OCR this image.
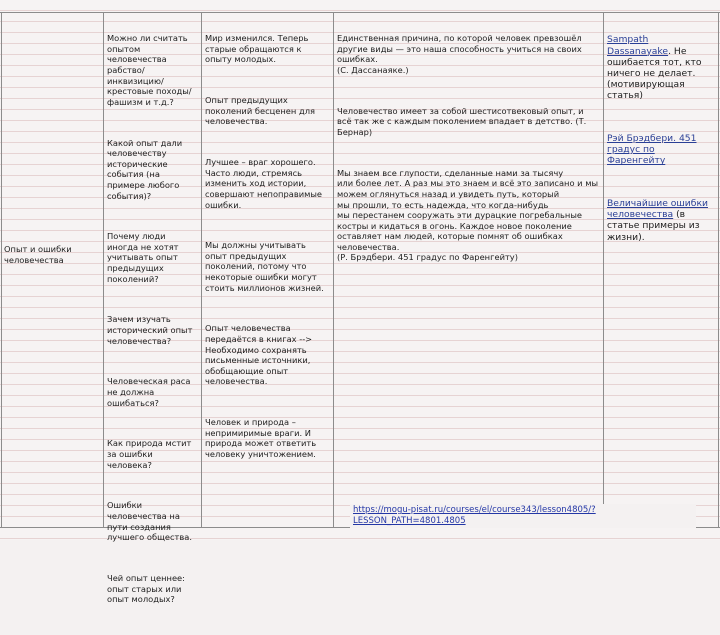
Опыт и ошибки
человечества

Можно ли считать
опытом
человечества
рабство/
инквизицию/
крестовые походы/
фашизм и т.д.?

Какой опыт дали
человечеству
исторические
события (на
примере любого
события)?

Почему люди
иногда не хотят
учитывать опыт
предыдущих
поколений?

Зачем изучать
исторический опыт
человечества?

Человеческая раса
не должна
ошибаться?

Как природа мстит
за ошибки
человека?

Ошибки
человечества на
пути создания
лучшего общества.

Чей опыт ценнее:
опыт старых или
опыт молодых?

Мир изменился. Теперь
старые обращаются к
опыту молодых.

Опыт предыдущих
поколений бесценен для
человечества.

Лучшее – враг хорошего.
Часто люди, стремясь
изменить ход истории,
совершают непоправимые
ошибки.

Мы должны учитывать
опыт предыдущих
поколений, потому что
некоторые ошибки могут
стоить миллионов жизней.

Опыт человечества
передаётся в книгах -->
Необходимо сохранять
письменные источники,
обобщающие опыт
человечества.

Человек и природа –
непримиримые враги. И
природа может ответить
человеку уничтожением.

Единственная причина, по которой человек превзошёл
другие виды — это наша способность учиться на своих
ошибках.
(С. Дассанаяке.)

Человечество имеет за собой шестисотвековый опыт, и
всё так же с каждым поколением впадает в детство. (Т.
Бернар)

Мы знаем все глупости, сделанные нами за тысячу
или более лет. А раз мы это знаем и всё это записано и мы
можем оглянуться назад и увидеть путь, который
мы прошли, то есть надежда, что когда-нибудь
мы перестанем сооружать эти дурацкие погребальные
костры и кидаться в огонь. Каждое новое поколение
оставляет нам людей, которые помнят об ошибках
человечества.
(Р. Брэдбери. 451 градус по Фаренгейту)

Sampath
Dassanayake. Не
ошибается тот, кто
ничего не делает.
(мотивирующая
статья)

Рэй Брэдбери. 451
градус по
Фаренгейту

Величайшие ошибки
человечества (в
статье примеры из
жизни).

https://mogu-pisat.ru/courses/el/course343/lesson4805/?LESSON_PATH=4801.4805
